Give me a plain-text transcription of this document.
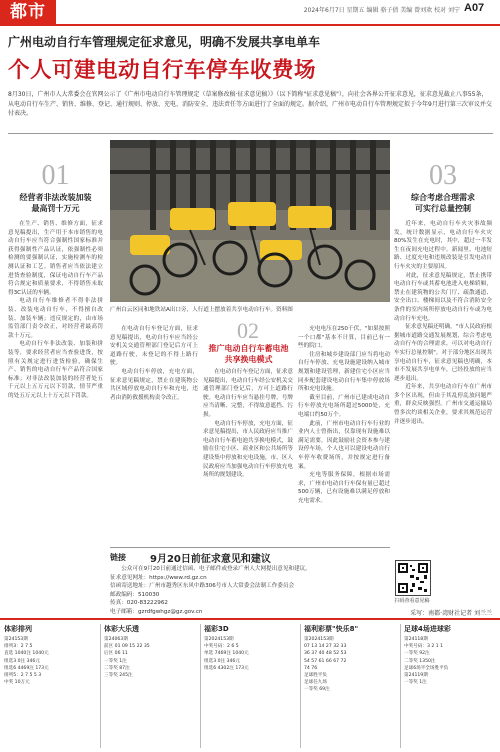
都市	2024年6月7日 星期五 编辑 骆子倩 美编 曾刘欢 校对 刘宁 A07
广州电动自行车管理规定征求意见，明确不发展共享电单车
个人可建电动自行车停车收费场
8月30日，广州市人大常委会在官网公示了《广州市电动自行车管理规定（草案修改稿·征求意见稿）》（以下简称"征求意见稿"），向社会各界公开征求意见，征求意见截止八事55条，从电动自行车生产、销售、维修、登记、通行规则、停放、充电、消防安全、违法责任等方面进行了全面的规定。据介绍，广州市电动自行车管理规定拟于今年9月进行第三次审议并交付表决。
01
经营者非法改装加装
最高罚十万元

在生产、销售、维修方面，征求意见稿提出，生产用于本市销售的电动自行车应当符合强制性国家标准并获得强制性产品认证，依强制性必须检测的要强制认证，实施检测车的检测认证和工艺。销售者应当依法建立进货查验制度，保证电动自行车产品符合规定和质量要求，不得销售未取得3C认证的车辆。

电动自行车维修者不得非法拼装、改装电动自行车，不得擅自改装、加装车辆；违反规定的，由市场监管部门责令改正，对经营者最高罚款十万元。

电动自行车非法改装、加装和拼装等，要求经营者应当查验进货，按照有关规定进行进货检验，确保生产、销售的电动自行车产品符合国家标准；对非法改装加装的经营者处五千元以上五万元以下罚款，情节严重的处五万元以上十万元以下罚款。

广州白云区同和地铁站A出口旁，人行道上摆放着共享电动自行车。资料图

在电动自行车登记方面，征求意见稿提出，电动自行车应当经公安机关交通管理部门登记后方可上道路行驶，未登记的不得上路行驶。

电动自行车停放，充电方面，征求意见稿规定，禁止在建筑物公共区域停放电动自行车和充电，违者由消防救援机构责令改正。

02
推广电动自行车蓄电池
共享换电模式

在电动自行车登记方面，征求意见稿提出，电动自行车经公安机关交通管理部门登记后，方可上道路行驶。电动自行车应当悬挂号牌，号牌应当清晰、完整，不得故意遮挡、污损。

电动自行车停放，充电方面，征求意见稿提出，市人民政府应当推广电动自行车蓄电池共享换电模式，鼓励在住宅小区、商业区和公共场所等建设集中停放和充电设施，市、区人民政府应当加强电动自行车停放充电场所的规划建设。

充电电压在250千伏，"如果按照一个口都"基本不计算，目前已有一些的院口。

住房和城乡建设部门应当将电动自行车停放、充电设施建设纳入城市规划和建设管理，新建住宅小区应当同步配套建设电动自行车集中停放场所和充电设施。

截至目前，广州市已建成电动自行车停放充电场所超过5000处，充电端口约50万个。

此前，广州市电动自行车行业的业内人士曾指出，仅靠现有设施难以满足需要，因此鼓励社会资本参与建设停车场，个人也可以建设电动自行车停车收费场所，并按规定进行备案。

充电等服务保障，根据市场需求，广州市电动自行车保有量已超过500万辆，已有设施难以满足停放和充电需求。

03
综合考虑合理需求
可实行总量控制

近年来，电动自行车火灾事故频发，统计数据显示，电动自行车火灾80%发生在充电时，其中，超过一半发生在夜间充电过程中。新闻里，电池短路、过度充电和违规改装是引发电动自行车火灾的主要原因。

对此，征求意见稿规定，禁止携带电动自行车或其蓄电池进入电梯轿厢，禁止在建筑物的公共门厅、疏散通道、安全出口、楼梯间以及不符合消防安全条件的室内场所停放电动自行车或为电动自行车充电。

征求意见稿还明确，"市人民政府根据城市道路交通发展规划，综合考虑电动自行车的合理需求，可以对电动自行车实行总量控制"。对于部分地区出现共享电动自行车，征求意见稿也明确，本市不发展共享电单车，已经投放的应当逐步退出。

近年来，共享电动自行车在广州市多个区出现，但由于其乱停乱放问题严重，群众反映强烈。广州市交通运输局曾多次约谈相关企业，要求其规范运营并逐步退出。

链接 9月20日前征求意见和建议

公众可在9月20日前通过信函、电子邮件或登录广州人大网提出意见和建议。

征求意见网址：https://www.rd.gz.cn
信函寄送地址：广州市越秀区东风中路306号市人大常委会法制工作委员会
邮政编码：510030
传真：020-83222962
电子邮箱：gzrdfgwhgz@gz.gov.cn
扫码查看意见稿
采写：南都·湾财社记者 刘兰兰
体彩排列
第24153期
排列3：2 7 5
直选 1040注 1040元
组选3 0注 346元
组选6 4469注 173元
排列5：2 7 5 5 3
中奖 10万元
体彩大乐透
第24063期
前区 01 09 15 22 35
后区 06 11
一等奖 1注
二等奖 87注
三等奖 245注
福彩3D
第2024153期
中奖号码：2 6 5
单选 7469注 1040元
组选3 0注 346元
组选6 4302注 173元
福利彩票"快乐8"
第2024153期
07 13 14 27 32 33
36 37 40 48 52 53
54 57 61 66 67 72
74 76
足球胜平负
足球任九场
一等奖 69注
足球4场进球彩
第24118期
中奖号码：3 2 1 1
一等奖 92注
二等奖 1350注
足球6场半全场胜平负
第24119期
一等奖 1注
